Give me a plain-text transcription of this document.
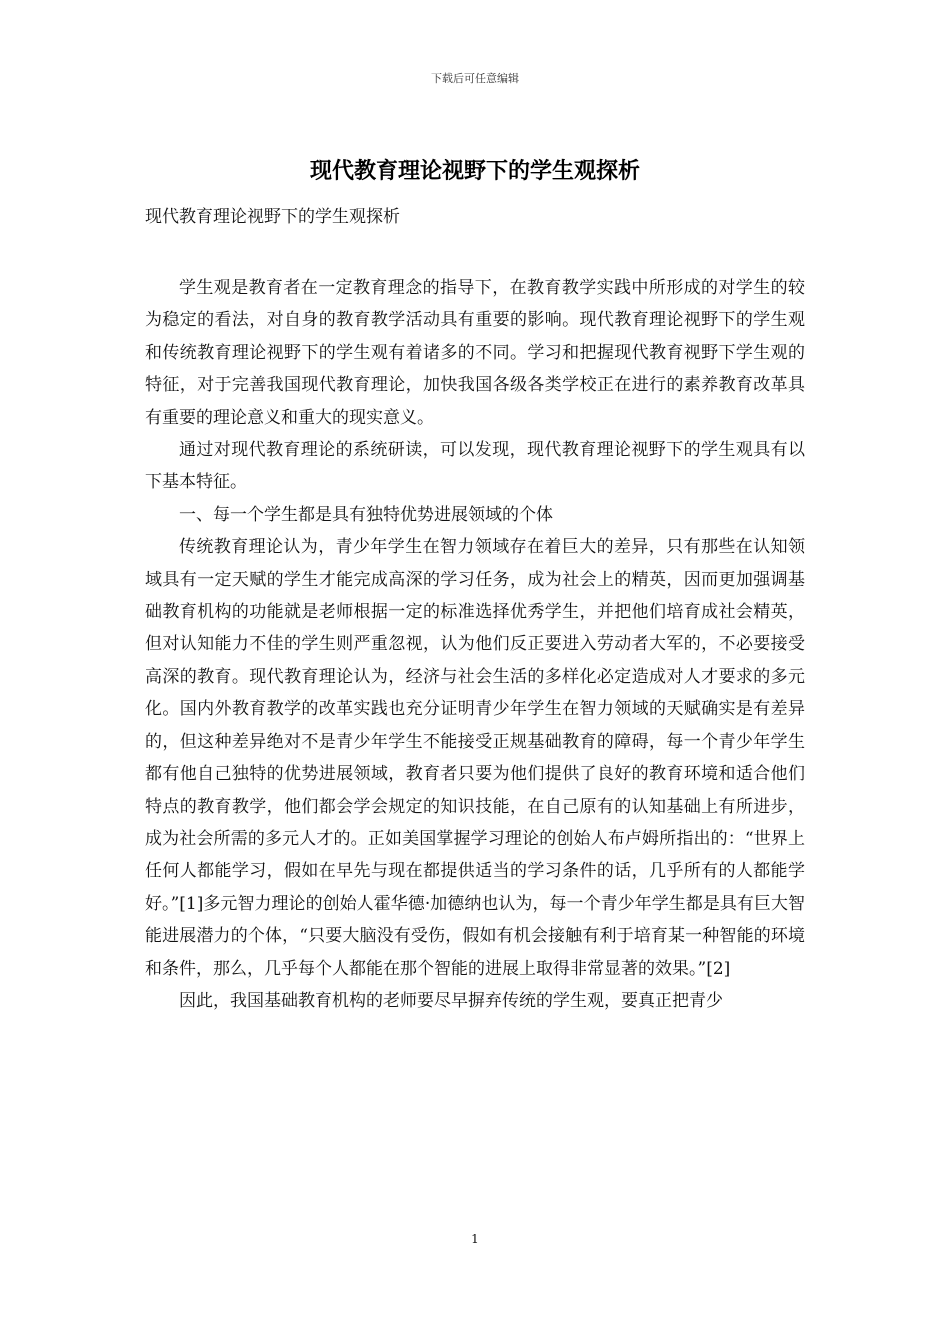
下载后可任意编辑
现代教育理论视野下的学生观探析
现代教育理论视野下的学生观探析

学生观是教育者在一定教育理念的指导下，在教育教学实践中所形成的对学生的较为稳定的看法，对自身的教育教学活动具有重要的影响。现代教育理论视野下的学生观和传统教育理论视野下的学生观有着诸多的不同。学习和把握现代教育视野下学生观的特征，对于完善我国现代教育理论，加快我国各级各类学校正在进行的素养教育改革具有重要的理论意义和重大的现实意义。

通过对现代教育理论的系统研读，可以发现，现代教育理论视野下的学生观具有以下基本特征。

一、每一个学生都是具有独特优势进展领域的个体

传统教育理论认为，青少年学生在智力领域存在着巨大的差异，只有那些在认知领域具有一定天赋的学生才能完成高深的学习任务，成为社会上的精英，因而更加强调基础教育机构的功能就是老师根据一定的标准选择优秀学生，并把他们培育成社会精英，但对认知能力不佳的学生则严重忽视，认为他们反正要进入劳动者大军的，不必要接受高深的教育。现代教育理论认为，经济与社会生活的多样化必定造成对人才要求的多元化。国内外教育教学的改革实践也充分证明青少年学生在智力领域的天赋确实是有差异的，但这种差异绝对不是青少年学生不能接受正规基础教育的障碍，每一个青少年学生都有他自己独特的优势进展领域，教育者只要为他们提供了良好的教育环境和适合他们特点的教育教学，他们都会学会规定的知识技能，在自己原有的认知基础上有所进步，成为社会所需的多元人才的。正如美国掌握学习理论的创始人布卢姆所指出的：“世界上任何人都能学习，假如在早先与现在都提供适当的学习条件的话，几乎所有的人都能学好。”[1]多元智力理论的创始人霍华德·加德纳也认为，每一个青少年学生都是具有巨大智能进展潜力的个体，“只要大脑没有受伤，假如有机会接触有利于培育某一种智能的环境和条件，那么，几乎每个人都能在那个智能的进展上取得非常显著的效果。”[2]

因此，我国基础教育机构的老师要尽早摒弃传统的学生观，要真正把青少

1
